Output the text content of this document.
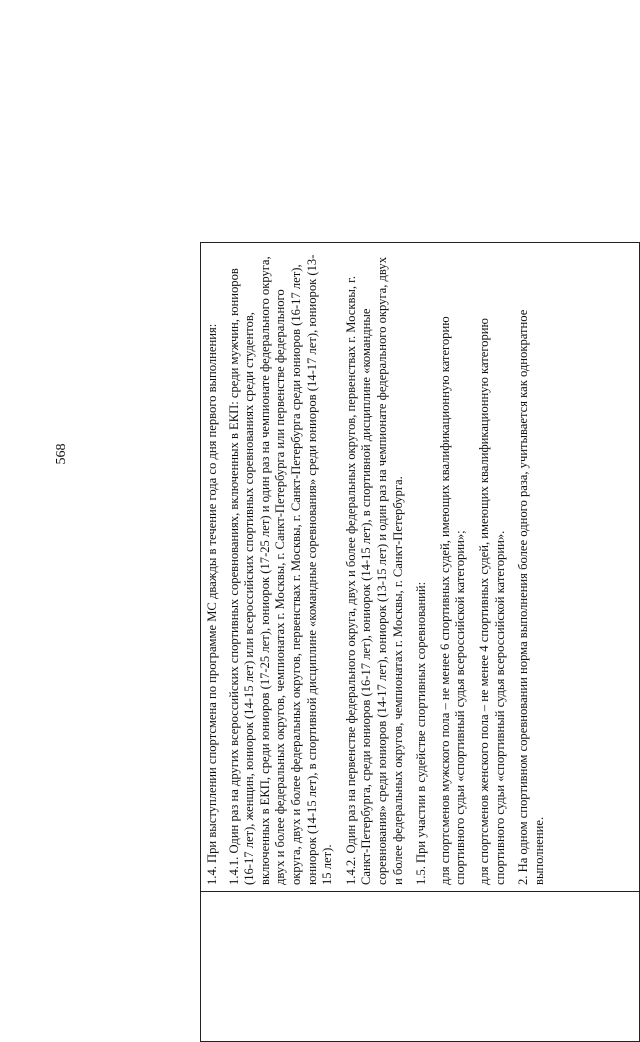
568	1.4. При выступлении спортсмена по программе МС дважды в течение года со дня первого выполнения: 1.4.1. Один раз на других всероссийских спортивных соревнованиях, включенных в ЕКП: среди мужчин, юниоров (16-17 лет), женщин, юниорок (14-15 лет) или всероссийских спортивных соревнованиях среди студентов, включенных в ЕКП, среди юниоров (17-25 лет), юниорок (17-25 лет) и один раз на чемпионате федерального округа, двух и более федеральных округов, чемпионатах г. Москвы, г. Санкт-Петербурга или первенстве федерального округа, двух и более федеральных округов, первенствах г. Москвы, г. Санкт-Петербурга среди юниоров (16-17 лет), юниорок (14-15 лет), в спортивной дисциплине «командные соревнования» среди юниоров (14-17 лет), юниорок (13-15 лет). 1.4.2. Один раз на первенстве федерального округа, двух и более федеральных округов, первенствах г. Москвы, г. Санкт-Петербурга, среди юниоров (16-17 лет), юниорок (14-15 лет), в спортивной дисциплине «командные соревнования» среди юниоров (14-17 лет), юниорок (13-15 лет) и один раз на чемпионате федерального округа, двух и более федеральных округов, чемпионатах г. Москвы, г. Санкт-Петербурга. 1.5. При участии в судействе спортивных соревнований: для спортсменов мужского пола – не менее 6 спортивных судей, имеющих квалификационную категорию спортивного судьи «спортивный судья всероссийской категории»; для спортсменов женского пола – не менее 4 спортивных судей, имеющих квалификационную категорию спортивного судьи «спортивный судья всероссийской категории». 2. На одном спортивном соревновании норма выполнения более одного раза, учитывается как однократное выполнение.
